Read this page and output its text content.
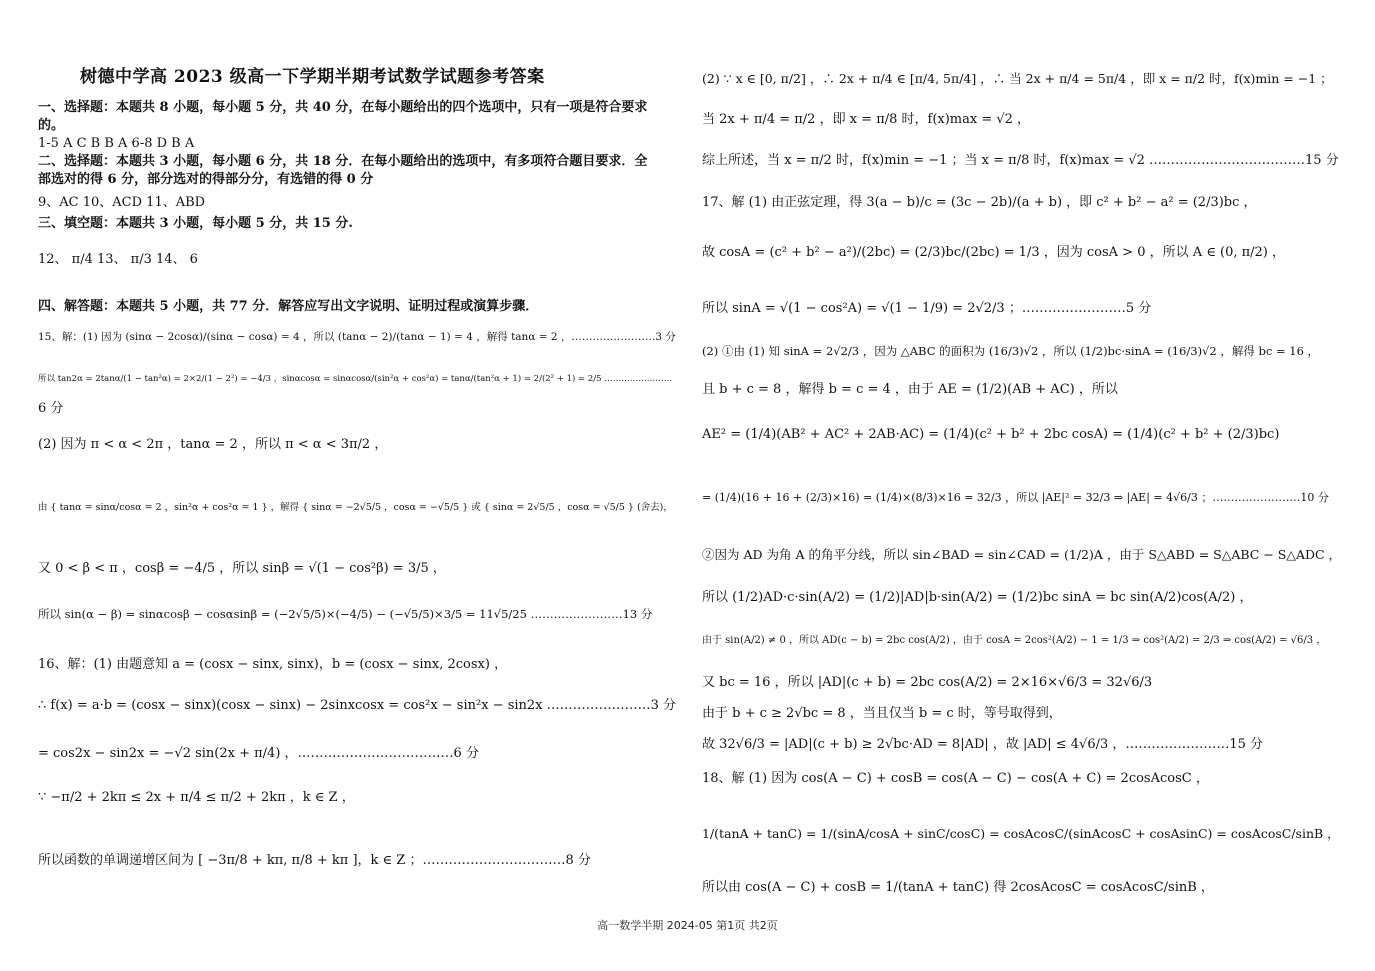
树德中学高 2023 级高一下学期半期考试数学试题参考答案
一、选择题：本题共 8 小题，每小题 5 分，共 40 分，在每小题给出的四个选项中，只有一项是符合要求
的。
1-5 A C B B A 6-8 D B A
二、选择题：本题共 3 小题，每小题 6 分，共 18 分．在每小题给出的选项中，有多项符合题目要求．全
部选对的得 6 分，部分选对的得部分分，有选错的得 0 分
9、AC 10、ACD 11、ABD
三、填空题：本题共 3 小题，每小题 5 分，共 15 分.
12、 π/4 13、 π/3 14、 6
四、解答题：本题共 5 小题，共 77 分．解答应写出文字说明、证明过程或演算步骤．
15、解：(1) 因为 (sinα − 2cosα)/(sinα − cosα) = 4 ，所以 (tanα − 2)/(tanα − 1) = 4 ，解得 tanα = 2 ，……………………3 分
所以 tan2α = 2tanα/(1 − tan²α) = 2×2/(1 − 2²) = −4/3 ，sinαcosα = sinαcosα/(sin²α + cos²α) = tanα/(tan²α + 1) = 2/(2² + 1) = 2/5 ……………………
6 分
(2) 因为 π < α < 2π ，tanα = 2 ，所以 π < α < 3π/2 ，
由 { tanα = sinα/cosα = 2 ，sin²α + cos²α = 1 } ，解得 { sinα = −2√5/5 ，cosα = −√5/5 } 或 { sinα = 2√5/5 ，cosα = √5/5 } (舍去)，
又 0 < β < π ，cosβ = −4/5 ，所以 sinβ = √(1 − cos²β) = 3/5 ，
所以 sin(α − β) = sinαcosβ − cosαsinβ = (−2√5/5)×(−4/5) − (−√5/5)×3/5 = 11√5/25 ……………………13 分
16、解：(1) 由题意知 a = (cosx − sinx, sinx)，b = (cosx − sinx, 2cosx) ，
∴ f(x) = a·b = (cosx − sinx)(cosx − sinx) − 2sinxcosx = cos²x − sin²x − sin2x ……………………3 分
= cos2x − sin2x = −√2 sin(2x + π/4) ，………………………………6 分
∵ −π/2 + 2kπ ≤ 2x + π/4 ≤ π/2 + 2kπ ，k ∈ Z ，
所以函数的单调递增区间为 [ −3π/8 + kπ, π/8 + kπ ]，k ∈ Z ；……………………………8 分
(2) ∵ x ∈ [0, π/2] ，∴ 2x + π/4 ∈ [π/4, 5π/4] ，∴ 当 2x + π/4 = 5π/4 ，即 x = π/2 时，f(x)min = −1 ；
当 2x + π/4 = π/2 ，即 x = π/8 时，f(x)max = √2 ，
综上所述，当 x = π/2 时，f(x)min = −1 ；当 x = π/8 时，f(x)max = √2 ………………………………15 分
17、解 (1) 由正弦定理，得 3(a − b)/c = (3c − 2b)/(a + b) ，即 c² + b² − a² = (2/3)bc ，
故 cosA = (c² + b² − a²)/(2bc) = (2/3)bc/(2bc) = 1/3 ，因为 cosA > 0 ，所以 A ∈ (0, π/2) ，
所以 sinA = √(1 − cos²A) = √(1 − 1/9) = 2√2/3 ；……………………5 分
(2) ①由 (1) 知 sinA = 2√2/3 ，因为 △ABC 的面积为 (16/3)√2 ，所以 (1/2)bc·sinA = (16/3)√2 ，解得 bc = 16 ，
且 b + c = 8 ，解得 b = c = 4 ，由于 AE = (1/2)(AB + AC) ，所以
AE² = (1/4)(AB² + AC² + 2AB·AC) = (1/4)(c² + b² + 2bc cosA) = (1/4)(c² + b² + (2/3)bc)
= (1/4)(16 + 16 + (2/3)×16) = (1/4)×(8/3)×16 = 32/3 ，所以 |AE|² = 32/3 ⇒ |AE| = 4√6/3 ；……………………10 分
②因为 AD 为角 A 的角平分线，所以 sin∠BAD = sin∠CAD = (1/2)A ，由于 S△ABD = S△ABC − S△ADC ，
所以 (1/2)AD·c·sin(A/2) = (1/2)|AD|b·sin(A/2) = (1/2)bc sinA = bc sin(A/2)cos(A/2) ，
由于 sin(A/2) ≠ 0 ，所以 AD(c − b) = 2bc cos(A/2) ，由于 cosA = 2cos²(A/2) − 1 = 1/3 ⇒ cos²(A/2) = 2/3 ⇒ cos(A/2) = √6/3 ，
又 bc = 16 ，所以 |AD|(c + b) = 2bc cos(A/2) = 2×16×√6/3 = 32√6/3
由于 b + c ≥ 2√bc = 8 ，当且仅当 b = c 时，等号取得到，
故 32√6/3 = |AD|(c + b) ≥ 2√bc·AD = 8|AD| ，故 |AD| ≤ 4√6/3 ，……………………15 分
18、解 (1) 因为 cos(A − C) + cosB = cos(A − C) − cos(A + C) = 2cosAcosC ，
1/(tanA + tanC) = 1/(sinA/cosA + sinC/cosC) = cosAcosC/(sinAcosC + cosAsinC) = cosAcosC/sinB ，
所以由 cos(A − C) + cosB = 1/(tanA + tanC) 得 2cosAcosC = cosAcosC/sinB ，
高一数学半期 2024-05 第1页 共2页
